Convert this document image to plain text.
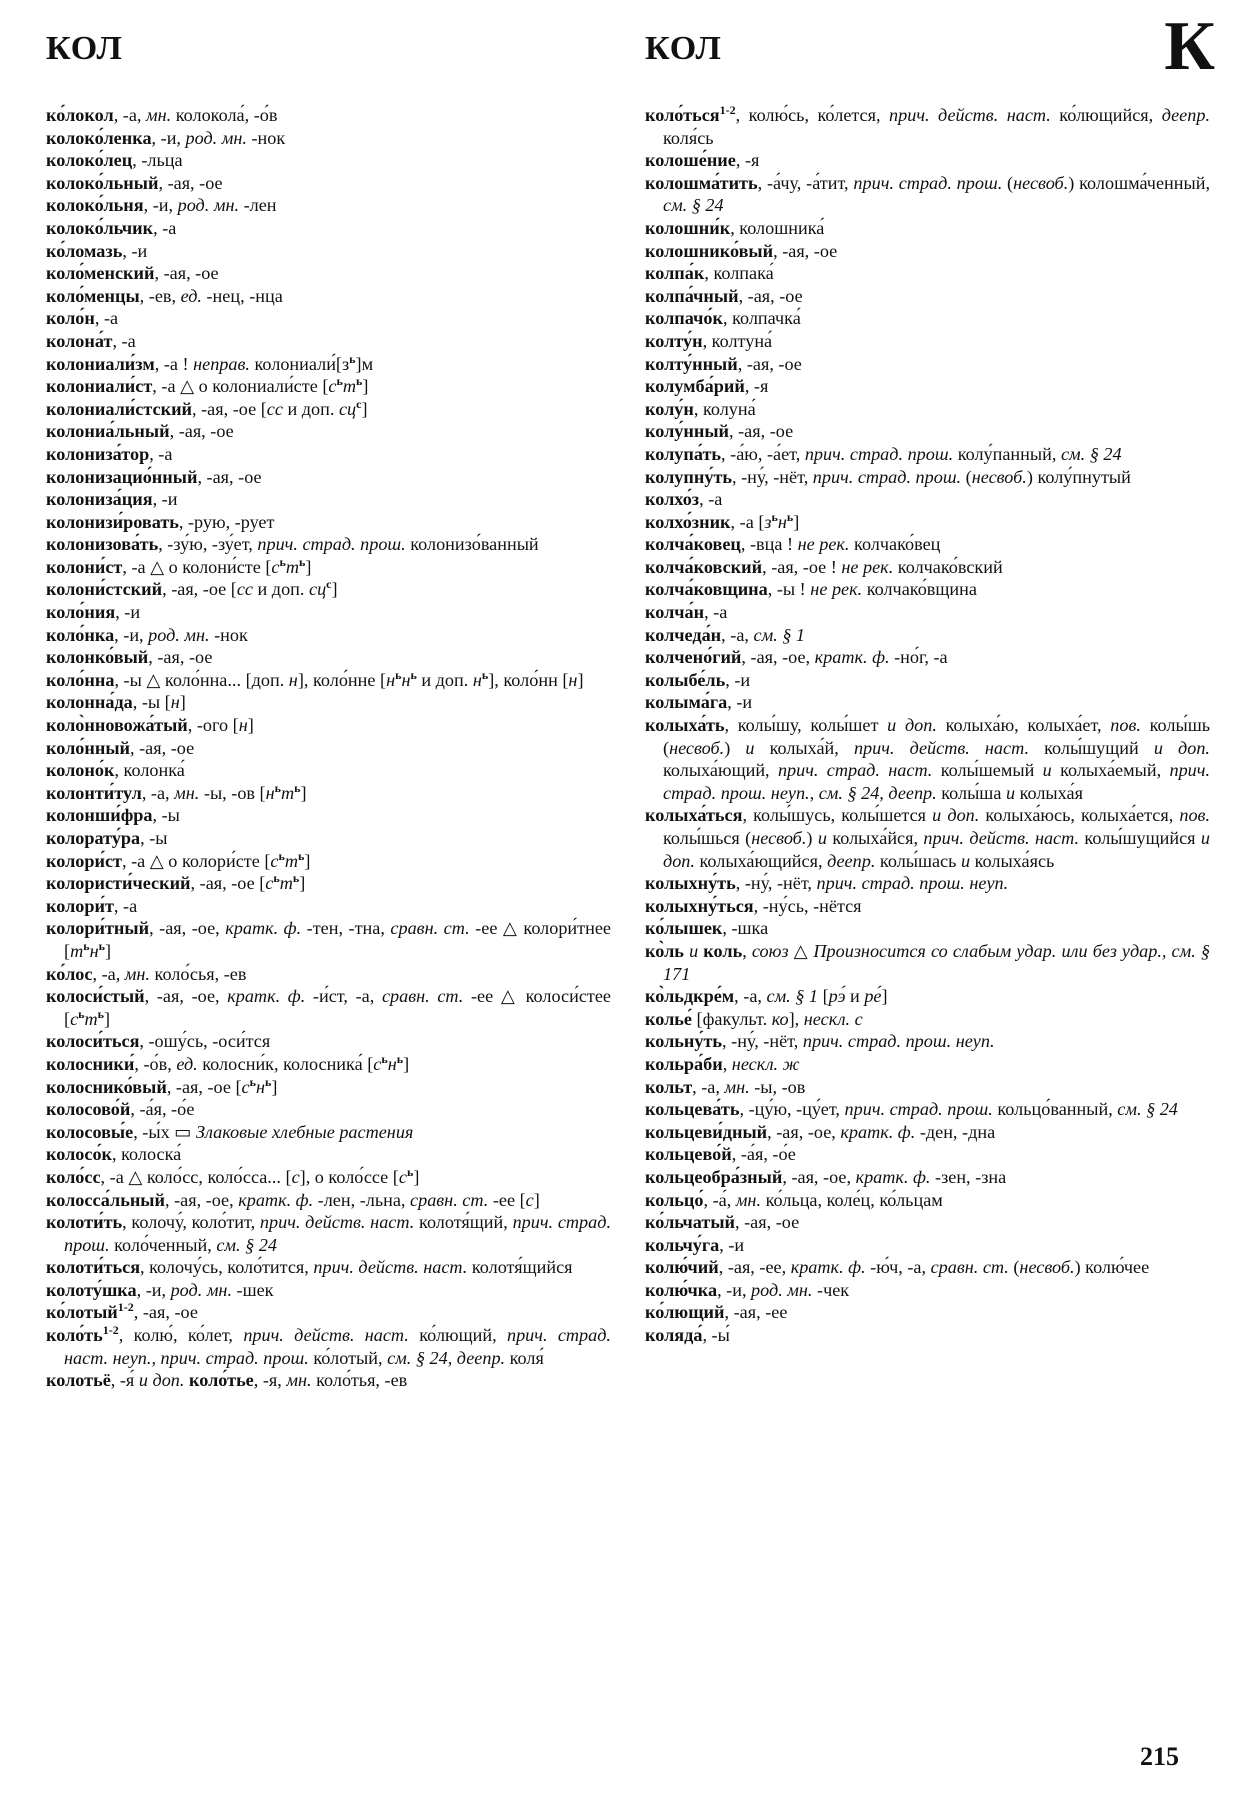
КОЛ	КОЛ	К

ко́локол, -а, мн. колокола́, -о́в

колоко́ленка, -и, род. мн. -нок

колоко́лец, -льца

колоко́льный, -ая, -ое

колоко́льня, -и, род. мн. -лен

колоко́льчик, -а

ко́ломазь, -и

коло́менский, -ая, -ое

коло́менцы, -ев, ед. -нец, -нца

коло́н, -а

колона́т, -а

колониали́зм, -а ! неправ. $колониали́[з^ь]м$

колониали́ст, -а △ о колониали́сте $[с^ьт^ь]$

колониали́стский, -ая, -ое [сс и доп. $сц^с$]

колониа́льный, -ая, -ое

колониза́тор, -а

колонизацио́нный, -ая, -ое

колониза́ция, -и

колонизи́ровать, -рую, -рует

колонизова́ть, -зу́ю, -зу́ет, прич. страд. прош. колонизо́ванный

колони́ст, -а △ о колони́сте $[с^ьт^ь]$

колони́стский, -ая, -ое [сс и доп. $сц^с$]

коло́ния, -и

коло́нка, -и, род. мн. -нок

колонко́вый, -ая, -ое

коло́нна, -ы △ коло́нна... [доп. н], коло́нне [$н^ьн^ь$ и доп. $н^ь$], коло́нн [н]

колонна́да, -ы [н]

коло̀нновожа́тый, -ого [н]

коло́нный, -ая, -ое

колоно́к, колонка́

колонти́тул, -а, мн. -ы, -ов $[н^ьт^ь]$

колонши́фра, -ы

колорату́ра, -ы

колори́ст, -а △ о колори́сте $[с^ьт^ь]$

колористи́ческий, -ая, -ое $[с^ьт^ь]$

колори́т, -а

колори́тный, -ая, -ое, кратк. ф. -тен, -тна, сравн. ст. -ее △ колори́тнее $[т^ьн^ь]$

ко́лос, -а, мн. коло́сья, -ев

колоси́стый, -ая, -ое, кратк. ф. -и́ст, -а, сравн. ст. -ее △ колоси́стее $[с^ьт^ь]$

колоси́ться, -ошу́сь, -оси́тся

колосники́, -о́в, ед. колосни́к, колосника́ $[с^ьн^ь]$

колоснико́вый, -ая, -ое $[с^ьн^ь]$

колосово́й, -а́я, -о́е

колосовы́е, -ы́х ▭ Злаковые хлебные растения

колосо́к, колоска́

коло́сс, -а △ коло́сс, коло́сса... [с], о коло́ссе $[с^ь]$

колосса́льный, -ая, -ое, кратк. ф. -лен, -льна, сравн. ст. -ее [с]

колоти́ть, колочу́, коло́тит, прич. действ. наст. колотя́щий, прич. страд. прош. коло́ченный, см. § 24

колоти́ться, колочу́сь, коло́тится, прич. действ. наст. колотя́щийся

колоту́шка, -и, род. мн. -шек

ко́лотый$^{1-2}$, -ая, -ое

$коло́ть^{1-2}$, колю́, ко́лет, прич. действ. наст. ко́лющий, прич. страд. наст. неуп., прич. страд. прош. ко́лотый, см. § 24, деепр. коля́

колотьё, -я́ и доп. коло́тье, -я, мн. коло́тья, -ев

коло́ться$^{1-2}$, колю́сь, ко́лется, прич. действ. наст. ко́лющийся, деепр. коля́сь

колоше́ние, -я

колошма́тить, -а́чу, -а́тит, прич. страд. прош. (несвоб.) колошма́ченный, см. § 24

колошни́к, колошника́

колошнико́вый, -ая, -ое

колпа́к, колпака́

колпа́чный, -ая, -ое

колпачо́к, колпачка́

колту́н, колтуна́

колту́нный, -ая, -ое

колумба́рий, -я

колу́н, колуна́

колу́нный, -ая, -ое

колупа́ть, -а́ю, -а́ет, прич. страд. прош. колу́панный, см. § 24

колупну́ть, -ну́, -нёт, прич. страд. прош. (несвоб.) колу́пнутый

колхо́з, -а

колхо́зник, -а $[з^ьн^ь]$

колча́ковец, -вца ! не рек. колчако́вец

колча́ковский, -ая, -ое ! не рек. колчако́вский

колча́ковщина, -ы ! не рек. колчако́вщина

колча́н, -а

колчеда́н, -а, см. § 1

колчено́гий, -ая, -ое, кратк. ф. -но́г, -а

колыбе́ль, -и

колыма́га, -и

колыха́ть, колы́шу, колы́шет и доп. колыха́ю, колыха́ет, пов. колы́шь (несвоб.) и колыха́й, прич. действ. наст. колы́шущий и доп. колыха́ющий, прич. страд. наст. колы́шемый и колыха́емый, прич. страд. прош. неуп., см. § 24, деепр. колы́ша и колыха́я

колыха́ться, колы́шусь, колы́шется и доп. колыха́юсь, колыха́ется, пов. колы́шься (несвоб.) и колыха́йся, прич. действ. наст. колы́шущийся и доп. колыха́ющийся, деепр. колы́шась и колыха́ясь

колыхну́ть, -ну́, -нёт, прич. страд. прош. неуп.

колыхну́ться, -ну́сь, -нётся

ко́лышек, -шка

ко̀ль и коль, союз △ Произносится со слабым удар. или без удар., см. § 171

ко̀льдкре́м, -а, см. § 1 [рэ́ и ре́]

колье́ [факульт. ко], нескл. с

кольну́ть, -ну́, -нёт, прич. страд. прош. неуп.

кольра́би, нескл. ж

кольт, -а, мн. -ы, -ов

кольцева́ть, -цу́ю, -цу́ет, прич. страд. прош. кольцо́ванный, см. § 24

кольцеви́дный, -ая, -ое, кратк. ф. -ден, -дна

кольцево́й, -а́я, -о́е

кольцеобра́зный, -ая, -ое, кратк. ф. -зен, -зна

кольцо́, -а́, мн. ко́льца, коле́ц, ко́льцам

ко́льчатый, -ая, -ое

кольчу́га, -и

колю́чий, -ая, -ее, кратк. ф. -ю́ч, -а, сравн. ст. (несвоб.) колю́чее

колю́чка, -и, род. мн. -чек

ко́лющий, -ая, -ее

коляда́, -ы́

215
